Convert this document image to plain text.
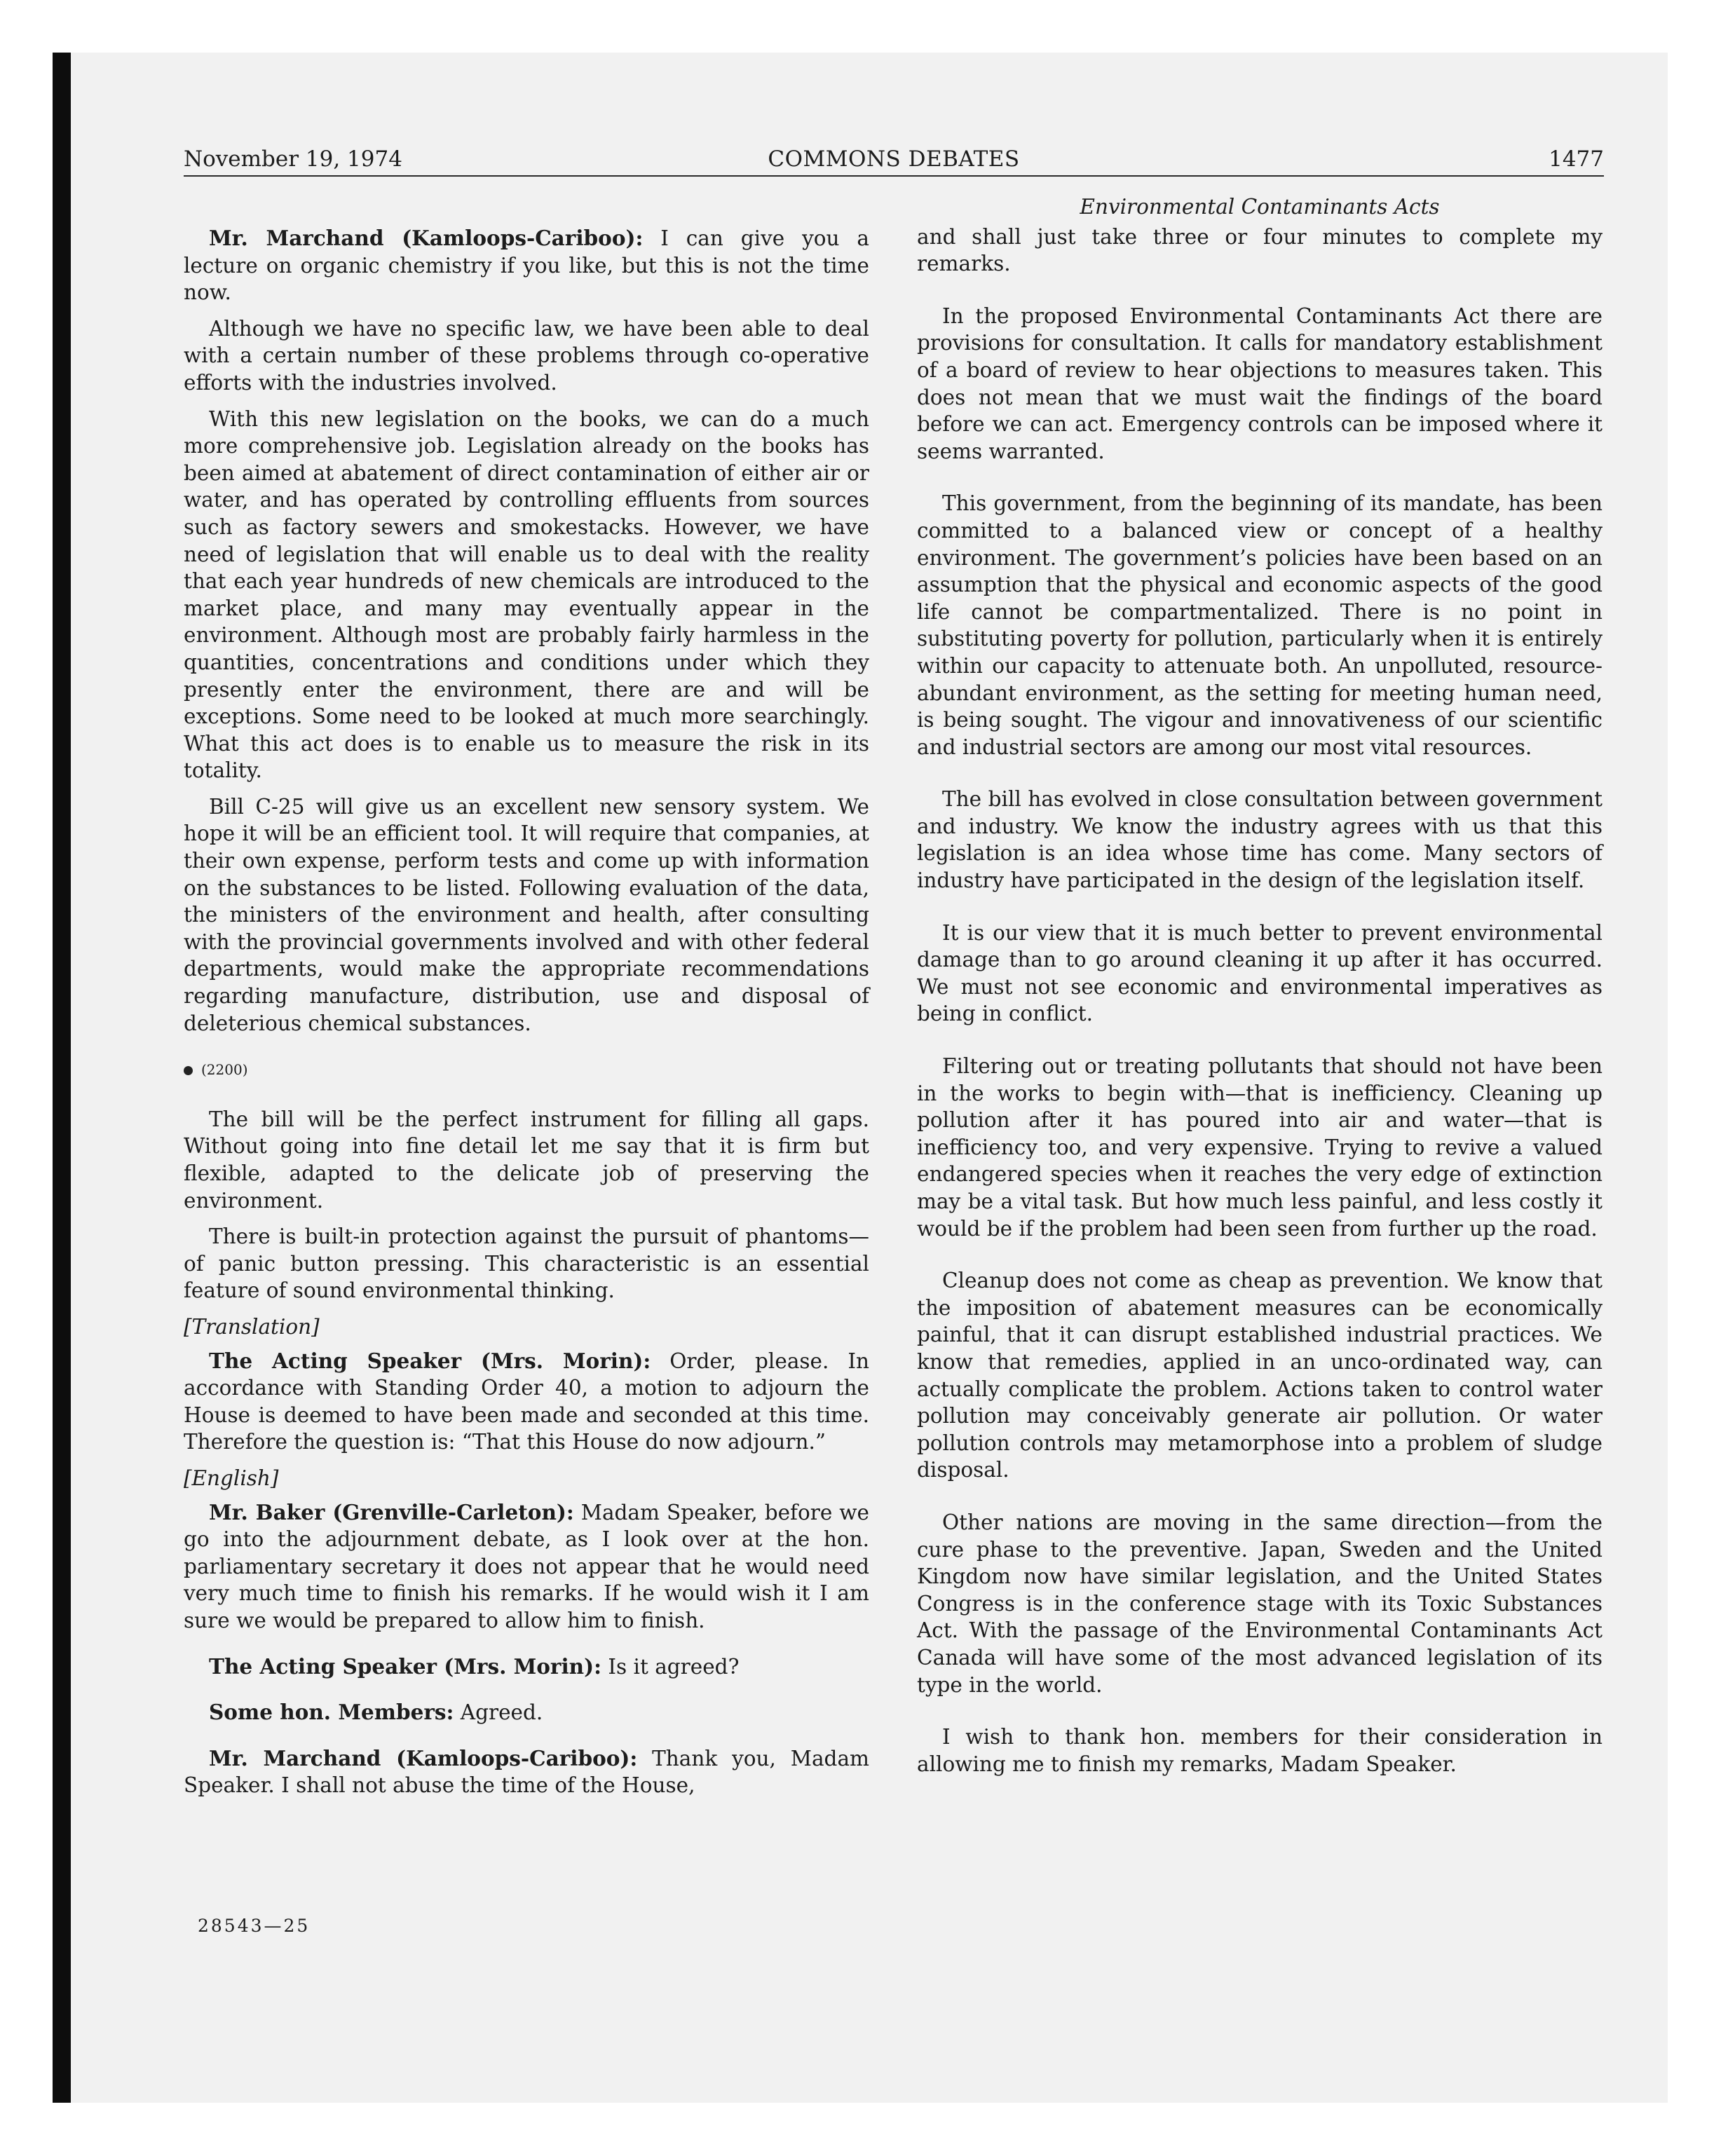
November 19, 1974	COMMONS DEBATES	1477

Mr. Marchand (Kamloops-Cariboo): I can give you a lecture on organic chemistry if you like, but this is not the time now.

Although we have no specific law, we have been able to deal with a certain number of these problems through co-operative efforts with the industries involved.

With this new legislation on the books, we can do a much more comprehensive job. Legislation already on the books has been aimed at abatement of direct contamination of either air or water, and has operated by controlling effluents from sources such as factory sewers and smokestacks. However, we have need of legislation that will enable us to deal with the reality that each year hundreds of new chemicals are introduced to the market place, and many may eventually appear in the environment. Although most are probably fairly harmless in the quantities, concentrations and conditions under which they presently enter the environment, there are and will be exceptions. Some need to be looked at much more searchingly. What this act does is to enable us to measure the risk in its totality.

Bill C-25 will give us an excellent new sensory system. We hope it will be an efficient tool. It will require that companies, at their own expense, perform tests and come up with information on the substances to be listed. Following evaluation of the data, the ministers of the environment and health, after consulting with the provincial governments involved and with other federal departments, would make the appropriate recommendations regarding manufacture, distribution, use and disposal of deleterious chemical substances.

(2200)

The bill will be the perfect instrument for filling all gaps. Without going into fine detail let me say that it is firm but flexible, adapted to the delicate job of preserving the environment.

There is built-in protection against the pursuit of phantoms—of panic button pressing. This characteristic is an essential feature of sound environmental thinking.

[Translation]

The Acting Speaker (Mrs. Morin): Order, please. In accordance with Standing Order 40, a motion to adjourn the House is deemed to have been made and seconded at this time. Therefore the question is: “That this House do now adjourn.”

[English]

Mr. Baker (Grenville-Carleton): Madam Speaker, before we go into the adjournment debate, as I look over at the hon. parliamentary secretary it does not appear that he would need very much time to finish his remarks. If he would wish it I am sure we would be prepared to allow him to finish.

The Acting Speaker (Mrs. Morin): Is it agreed?

Some hon. Members: Agreed.

Mr. Marchand (Kamloops-Cariboo): Thank you, Madam Speaker. I shall not abuse the time of the House,

Environmental Contaminants Acts

and shall just take three or four minutes to complete my remarks.

In the proposed Environmental Contaminants Act there are provisions for consultation. It calls for mandatory establishment of a board of review to hear objections to measures taken. This does not mean that we must wait the findings of the board before we can act. Emergency controls can be imposed where it seems warranted.

This government, from the beginning of its mandate, has been committed to a balanced view or concept of a healthy environment. The government’s policies have been based on an assumption that the physical and economic aspects of the good life cannot be compartmentalized. There is no point in substituting poverty for pollution, particularly when it is entirely within our capacity to attenuate both. An unpolluted, resource-abundant environment, as the setting for meeting human need, is being sought. The vigour and innovativeness of our scientific and industrial sectors are among our most vital resources.

The bill has evolved in close consultation between government and industry. We know the industry agrees with us that this legislation is an idea whose time has come. Many sectors of industry have participated in the design of the legislation itself.

It is our view that it is much better to prevent environmental damage than to go around cleaning it up after it has occurred. We must not see economic and environmental imperatives as being in conflict.

Filtering out or treating pollutants that should not have been in the works to begin with—that is inefficiency. Cleaning up pollution after it has poured into air and water—that is inefficiency too, and very expensive. Trying to revive a valued endangered species when it reaches the very edge of extinction may be a vital task. But how much less painful, and less costly it would be if the problem had been seen from further up the road.

Cleanup does not come as cheap as prevention. We know that the imposition of abatement measures can be economically painful, that it can disrupt established industrial practices. We know that remedies, applied in an unco-ordinated way, can actually complicate the problem. Actions taken to control water pollution may conceivably generate air pollution. Or water pollution controls may metamorphose into a problem of sludge disposal.

Other nations are moving in the same direction—from the cure phase to the preventive. Japan, Sweden and the United Kingdom now have similar legislation, and the United States Congress is in the conference stage with its Toxic Substances Act. With the passage of the Environmental Contaminants Act Canada will have some of the most advanced legislation of its type in the world.

I wish to thank hon. members for their consideration in allowing me to finish my remarks, Madam Speaker.

28543—25
